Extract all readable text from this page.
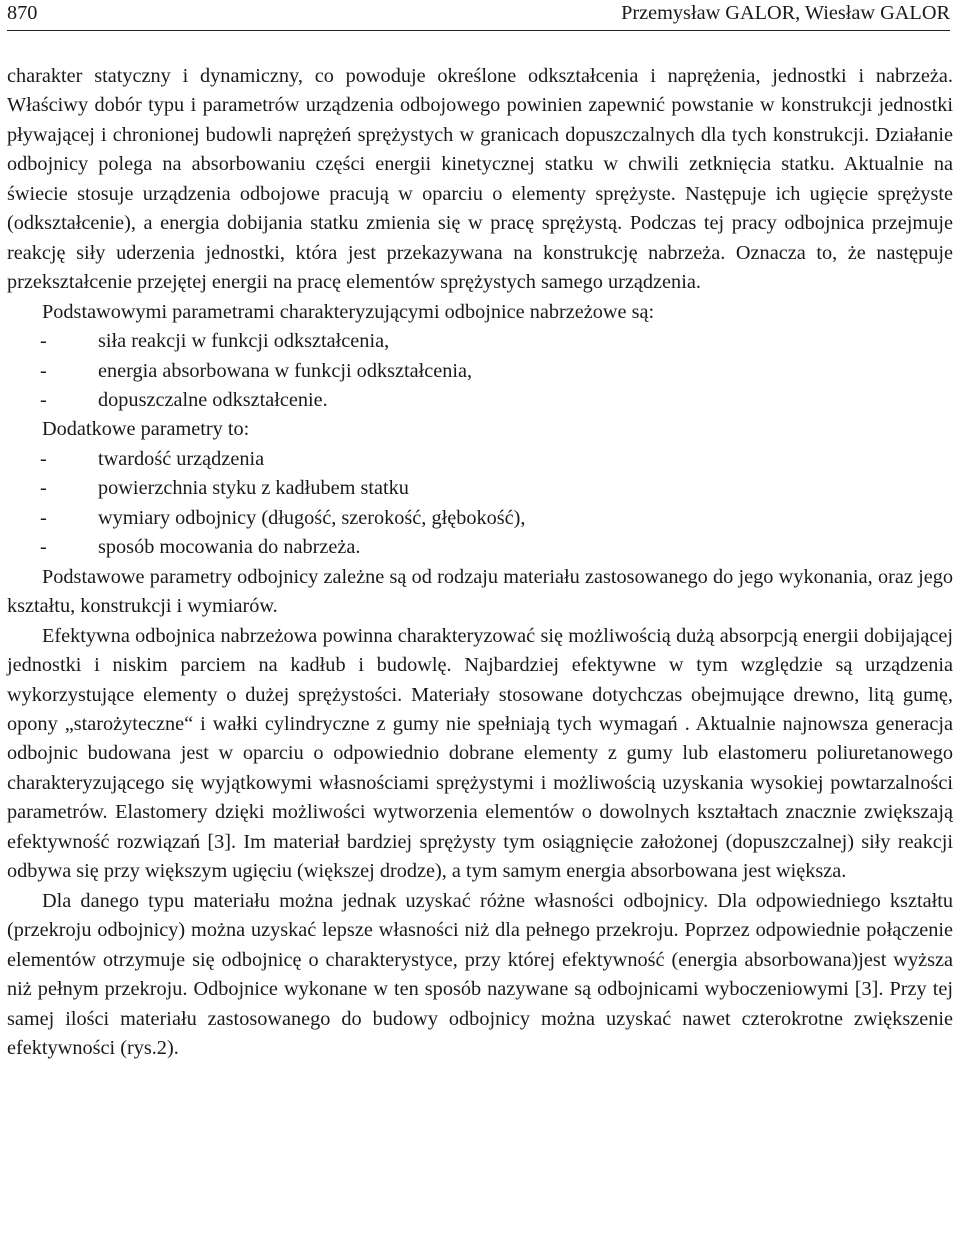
870	Przemysław GALOR, Wiesław GALOR

charakter statyczny i dynamiczny, co powoduje określone odkształcenia i naprężenia, jednostki i nabrzeża. Właściwy dobór typu i parametrów urządzenia odbojowego powinien zapewnić powstanie w konstrukcji jednostki pływającej i chronionej budowli naprężeń sprężystych w granicach dopuszczalnych dla tych konstrukcji. Działanie odbojnicy polega na absorbowaniu części energii kinetycznej statku w chwili zetknięcia statku. Aktualnie na świecie stosuje urządzenia odbojowe pracują w oparciu o elementy sprężyste. Następuje ich ugięcie sprężyste (odkształcenie), a energia dobijania statku zmienia się w pracę sprężystą. Podczas tej pracy odbojnica przejmuje reakcję siły uderzenia jednostki, która jest przekazywana na konstrukcję nabrzeża. Oznacza to, że następuje przekształcenie przejętej energii na pracę elementów sprężystych samego urządzenia.

Podstawowymi parametrami charakteryzującymi odbojnice nabrzeżowe są:

-	siła reakcji w funkcji odkształcenia,
-	energia absorbowana w funkcji odkształcenia,
-	dopuszczalne odkształcenie.

Dodatkowe parametry to:

-	twardość urządzenia
-	powierzchnia styku z kadłubem statku
-	wymiary odbojnicy (długość, szerokość, głębokość),
-	sposób mocowania do nabrzeża.

Podstawowe parametry odbojnicy zależne są od rodzaju materiału zastosowanego do jego wykonania, oraz jego kształtu, konstrukcji i wymiarów.

Efektywna odbojnica nabrzeżowa powinna charakteryzować się możliwością dużą absorpcją energii dobijającej jednostki i niskim parciem na kadłub i budowlę. Najbardziej efektywne w tym względzie są urządzenia wykorzystujące elementy o dużej sprężystości. Materiały stosowane dotychczas obejmujące drewno, litą gumę, opony „starożyteczne“ i wałki cylindryczne z gumy nie spełniają tych wymagań . Aktualnie najnowsza generacja odbojnic budowana jest w oparciu o odpowiednio dobrane elementy z gumy lub elastomeru poliuretanowego charakteryzującego się wyjątkowymi własnościami sprężystymi i możliwością uzyskania wysokiej powtarzalności parametrów. Elastomery dzięki możliwości wytworzenia elementów o dowolnych kształtach znacznie zwiększają efektywność rozwiązań [3]. Im materiał bardziej sprężysty tym osiągnięcie założonej (dopuszczalnej) siły reakcji odbywa się przy większym ugięciu (większej drodze), a tym samym energia absorbowana jest większa.

Dla danego typu materiału można jednak uzyskać różne własności odbojnicy. Dla odpowiedniego kształtu (przekroju odbojnicy) można uzyskać lepsze własności niż dla pełnego przekroju. Poprzez odpowiednie połączenie elementów otrzymuje się odbojnicę o charakterystyce, przy której efektywność (energia absorbowana)jest wyższa niż pełnym przekroju. Odbojnice wykonane w ten sposób nazywane są odbojnicami wyboczeniowymi [3]. Przy tej samej ilości materiału zastosowanego do budowy odbojnicy można uzyskać nawet czterokrotne zwiększenie efektywności (rys.2).
